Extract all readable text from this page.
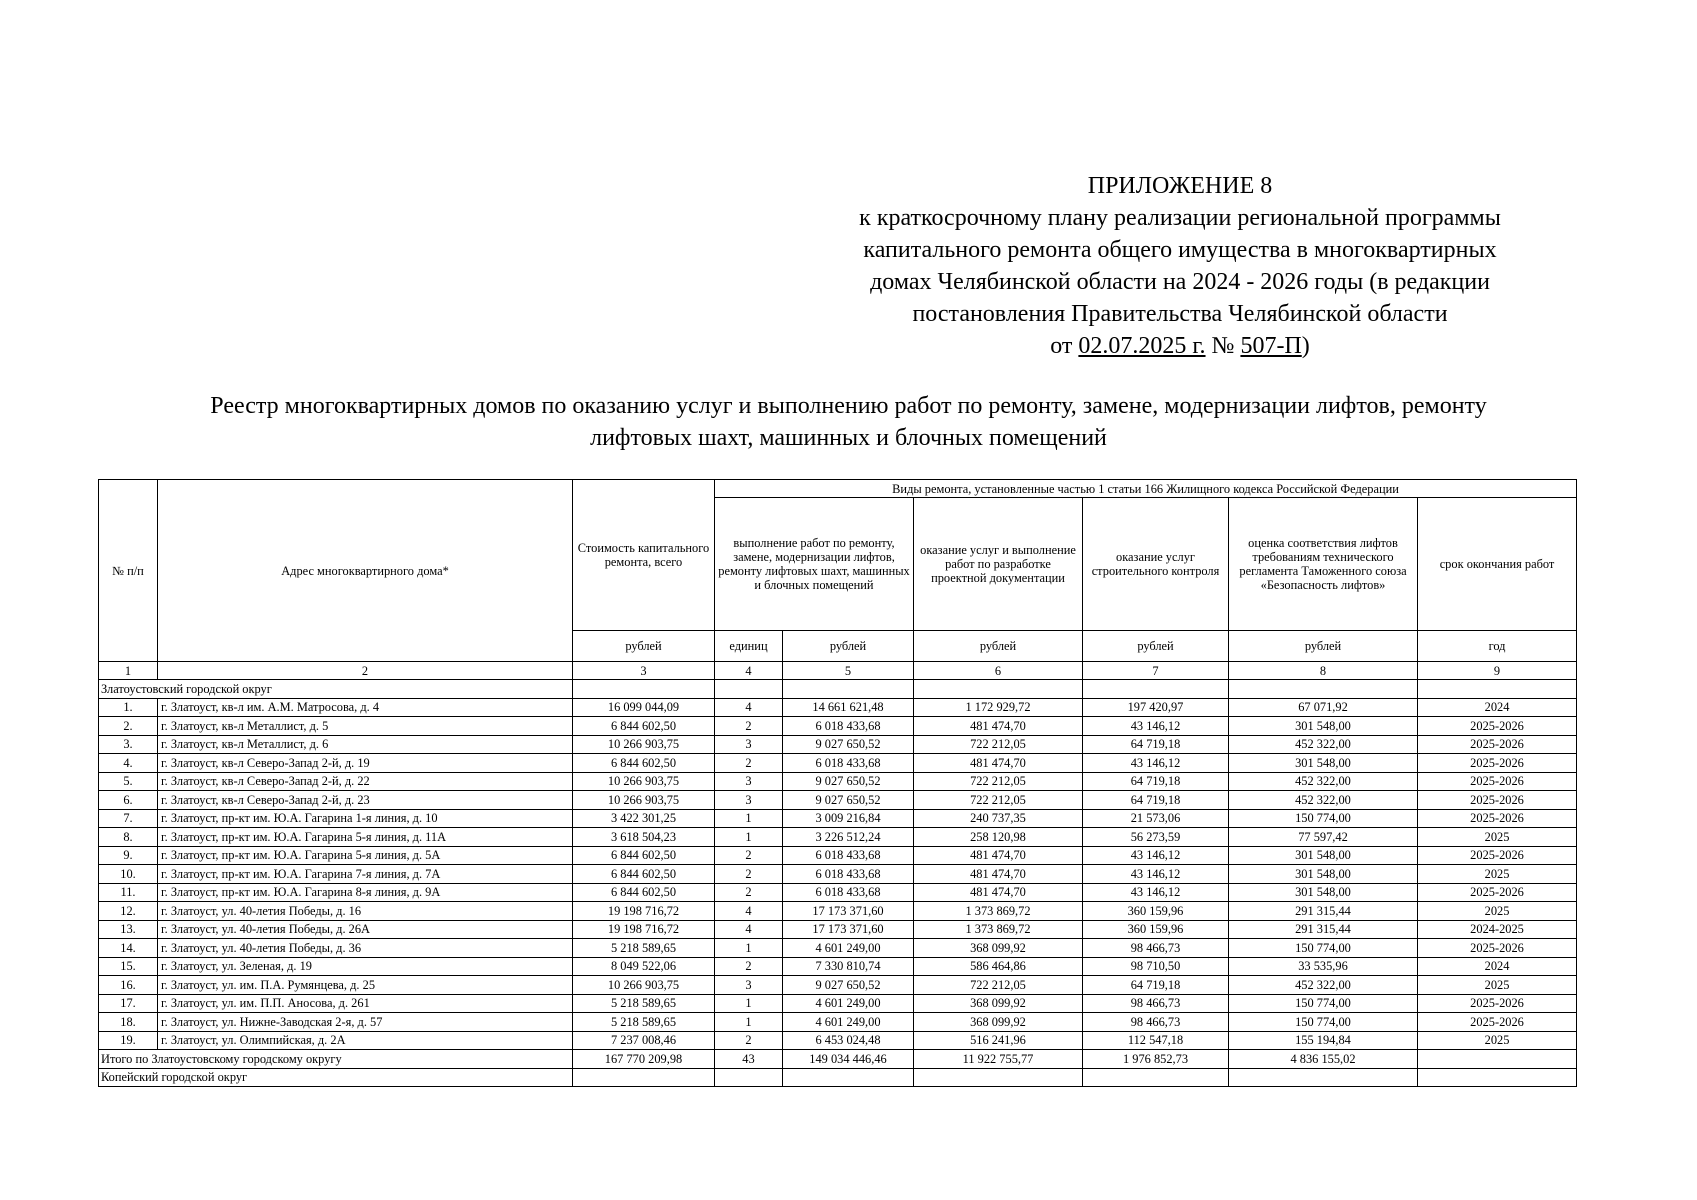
ПРИЛОЖЕНИЕ 8
к краткосрочному плану реализации региональной программы
капитального ремонта общего имущества в многоквартирных
домах Челябинской области на 2024 - 2026 годы (в редакции
постановления Правительства Челябинской области
от 02.07.2025 г. № 507-П)
Реестр многоквартирных домов по оказанию услуг и выполнению работ по ремонту, замене, модернизации лифтов, ремонту
лифтовых шахт, машинных и блочных помещений
№ п/п	Адрес многоквартирного дома*	Стоимость капитального ремонта, всего	Виды ремонта, установленные частью 1 статьи 166 Жилищного кодекса Российской Федерации					
			выполнение работ по ремонту, замене, модернизации лифтов, ремонту лифтовых шахт, машинных и блочных помещений		оказание услуг и выполнение работ по разработке проектной документации	оказание услуг строительного контроля	оценка соответствия лифтов требованиям технического регламента Таможенного союза «Безопасность лифтов»	срок окончания работ
		рублей	единиц	рублей	рублей	рублей	рублей	год
1	2	3	4	5	6	7	8	9
Златоустовский городской округ								
1.	г. Златоуст, кв-л им. А.М. Матросова, д. 4	16 099 044,09	4	14 661 621,48	1 172 929,72	197 420,97	67 071,92	2024
2.	г. Златоуст, кв-л Металлист, д. 5	6 844 602,50	2	6 018 433,68	481 474,70	43 146,12	301 548,00	2025-2026
3.	г. Златоуст, кв-л Металлист, д. 6	10 266 903,75	3	9 027 650,52	722 212,05	64 719,18	452 322,00	2025-2026
4.	г. Златоуст, кв-л Северо-Запад 2-й, д. 19	6 844 602,50	2	6 018 433,68	481 474,70	43 146,12	301 548,00	2025-2026
5.	г. Златоуст, кв-л Северо-Запад 2-й, д. 22	10 266 903,75	3	9 027 650,52	722 212,05	64 719,18	452 322,00	2025-2026
6.	г. Златоуст, кв-л Северо-Запад 2-й, д. 23	10 266 903,75	3	9 027 650,52	722 212,05	64 719,18	452 322,00	2025-2026
7.	г. Златоуст, пр-кт им. Ю.А. Гагарина 1-я линия, д. 10	3 422 301,25	1	3 009 216,84	240 737,35	21 573,06	150 774,00	2025-2026
8.	г. Златоуст, пр-кт им. Ю.А. Гагарина 5-я линия, д. 11А	3 618 504,23	1	3 226 512,24	258 120,98	56 273,59	77 597,42	2025
9.	г. Златоуст, пр-кт им. Ю.А. Гагарина 5-я линия, д. 5А	6 844 602,50	2	6 018 433,68	481 474,70	43 146,12	301 548,00	2025-2026
10.	г. Златоуст, пр-кт им. Ю.А. Гагарина 7-я линия, д. 7А	6 844 602,50	2	6 018 433,68	481 474,70	43 146,12	301 548,00	2025
11.	г. Златоуст, пр-кт им. Ю.А. Гагарина 8-я линия, д. 9А	6 844 602,50	2	6 018 433,68	481 474,70	43 146,12	301 548,00	2025-2026
12.	г. Златоуст, ул. 40-летия Победы, д. 16	19 198 716,72	4	17 173 371,60	1 373 869,72	360 159,96	291 315,44	2025
13.	г. Златоуст, ул. 40-летия Победы, д. 26А	19 198 716,72	4	17 173 371,60	1 373 869,72	360 159,96	291 315,44	2024-2025
14.	г. Златоуст, ул. 40-летия Победы, д. 36	5 218 589,65	1	4 601 249,00	368 099,92	98 466,73	150 774,00	2025-2026
15.	г. Златоуст, ул. Зеленая, д. 19	8 049 522,06	2	7 330 810,74	586 464,86	98 710,50	33 535,96	2024
16.	г. Златоуст, ул. им. П.А. Румянцева, д. 25	10 266 903,75	3	9 027 650,52	722 212,05	64 719,18	452 322,00	2025
17.	г. Златоуст, ул. им. П.П. Аносова, д. 261	5 218 589,65	1	4 601 249,00	368 099,92	98 466,73	150 774,00	2025-2026
18.	г. Златоуст, ул. Нижне-Заводская 2-я, д. 57	5 218 589,65	1	4 601 249,00	368 099,92	98 466,73	150 774,00	2025-2026
19.	г. Златоуст, ул. Олимпийская, д. 2А	7 237 008,46	2	6 453 024,48	516 241,96	112 547,18	155 194,84	2025
Итого по Златоустовскому городскому округу		167 770 209,98	43	149 034 446,46	11 922 755,77	1 976 852,73	4 836 155,02	
Копейский городской округ								
